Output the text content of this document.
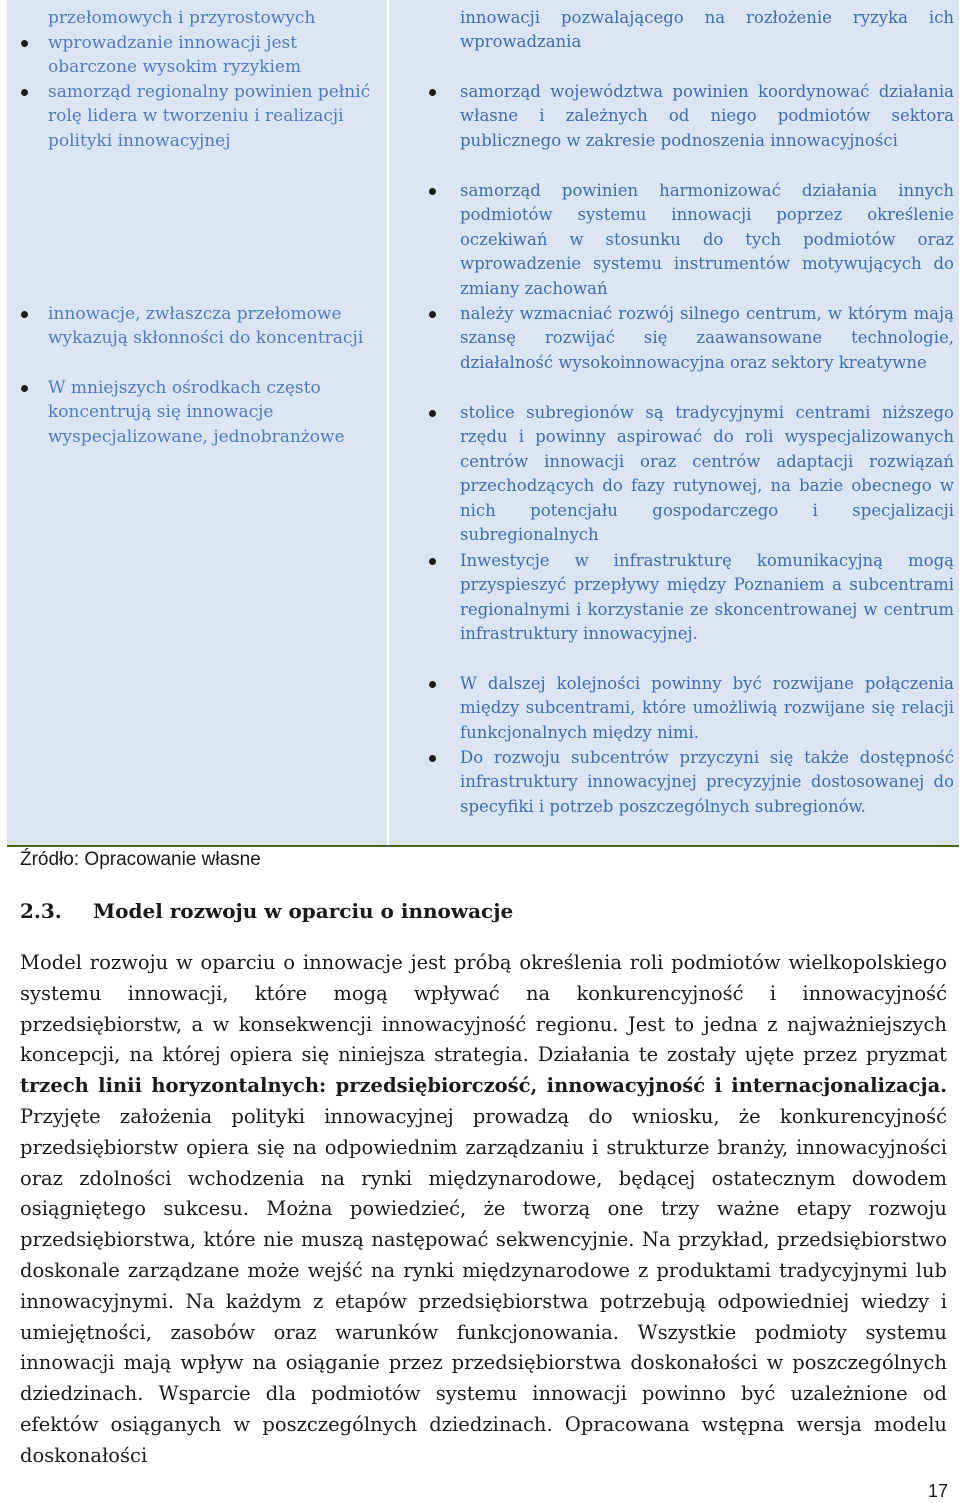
przełomowych i przyrostowych
wprowadzanie innowacji jest obarczone wysokim ryzykiem
samorząd regionalny powinien pełnić rolę lidera w tworzeniu i realizacji polityki innowacyjnej
innowacje, zwłaszcza przełomowe wykazują skłonności do koncentracji
W mniejszych ośrodkach często koncentrują się innowacje wyspecjalizowane, jednobranżowe
innowacji pozwalającego na rozłożenie ryzyka ich wprowadzania
samorząd województwa powinien koordynować działania własne i zależnych od niego podmiotów sektora publicznego w zakresie podnoszenia innowacyjności
samorząd powinien harmonizować działania innych podmiotów systemu innowacji poprzez określenie oczekiwań w stosunku do tych podmiotów oraz wprowadzenie systemu instrumentów motywujących do zmiany zachowań
należy wzmacniać rozwój silnego centrum, w którym mają szansę rozwijać się zaawansowane technologie, działalność wysokoinnowacyjna oraz sektory kreatywne
stolice subregionów są tradycyjnymi centrami niższego rzędu i powinny aspirować do roli wyspecjalizowanych centrów innowacji oraz centrów adaptacji rozwiązań przechodzących do fazy rutynowej, na bazie obecnego w nich potencjału gospodarczego i specjalizacji subregionalnych
Inwestycje w infrastrukturę komunikacyjną mogą przyspieszyć przepływy między Poznaniem a subcentrami regionalnymi i korzystanie ze skoncentrowanej w centrum infrastruktury innowacyjnej.
W dalszej kolejności powinny być rozwijane połączenia między subcentrami, które umożliwią rozwijane się relacji funkcjonalnych między nimi.
Do rozwoju subcentrów przyczyni się także dostępność infrastruktury innowacyjnej precyzyjnie dostosowanej do specyfiki i potrzeb poszczególnych subregionów.
Źródło: Opracowanie własne
2.3. Model rozwoju w oparciu o innowacje
Model rozwoju w oparciu o innowacje jest próbą określenia roli podmiotów wielkopolskiego systemu innowacji, które mogą wpływać na konkurencyjność i innowacyjność przedsiębiorstw, a w konsekwencji innowacyjność regionu. Jest to jedna z najważniejszych koncepcji, na której opiera się niniejsza strategia. Działania te zostały ujęte przez pryzmat trzech linii horyzontalnych: przedsiębiorczość, innowacyjność i internacjonalizacja. Przyjęte założenia polityki innowacyjnej prowadzą do wniosku, że konkurencyjność przedsiębiorstw opiera się na odpowiednim zarządzaniu i strukturze branży, innowacyjności oraz zdolności wchodzenia na rynki międzynarodowe, będącej ostatecznym dowodem osiągniętego sukcesu. Można powiedzieć, że tworzą one trzy ważne etapy rozwoju przedsiębiorstwa, które nie muszą następować sekwencyjnie. Na przykład, przedsiębiorstwo doskonale zarządzane może wejść na rynki międzynarodowe z produktami tradycyjnymi lub innowacyjnymi. Na każdym z etapów przedsiębiorstwa potrzebują odpowiedniej wiedzy i umiejętności, zasobów oraz warunków funkcjonowania. Wszystkie podmioty systemu innowacji mają wpływ na osiąganie przez przedsiębiorstwa doskonałości w poszczególnych dziedzinach. Wsparcie dla podmiotów systemu innowacji powinno być uzależnione od efektów osiąganych w poszczególnych dziedzinach. Opracowana wstępna wersja modelu doskonałości
17
